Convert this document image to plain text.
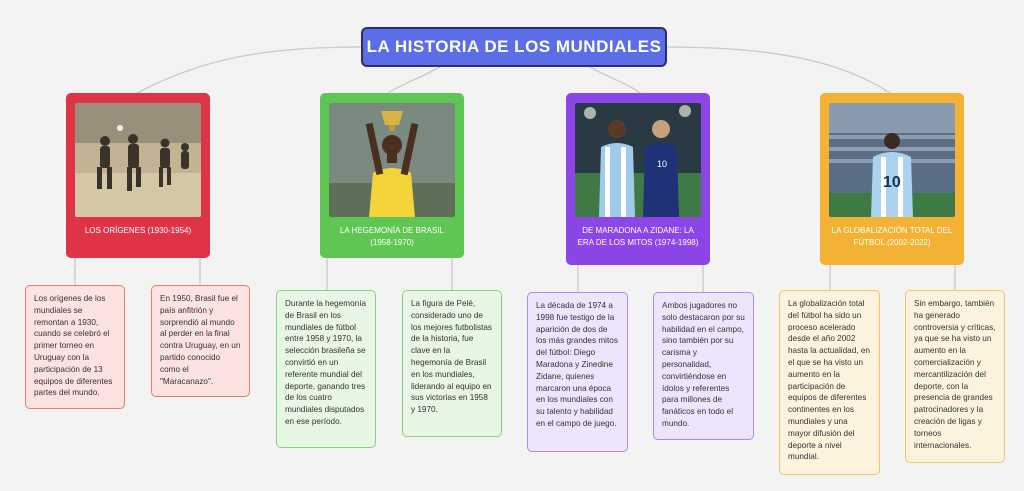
LA HISTORIA DE LOS MUNDIALES
LOS ORÍGENES (1930-1954)	LA HEGEMONÍA DE BRASIL (1958-1970)
10
DE MARADONA A ZIDANE: LA ERA DE LOS MITOS (1974-1998)
10
LA GLOBALIZACIÓN TOTAL DEL FÚTBOL (2002-2022)
Los orígenes de los mundiales se remontan a 1930, cuando se celebró el primer torneo en Uruguay con la participación de 13 equipos de diferentes partes del mundo.
En 1950, Brasil fue el país anfitrión y sorprendió al mundo al perder en la final contra Uruguay, en un partido conocido como el "Maracanazo".
Durante la hegemonía de Brasil en los mundiales de fútbol entre 1958 y 1970, la selección brasileña se convirtió en un referente mundial del deporte, ganando tres de los cuatro mundiales disputados en ese período.
La figura de Pelé, considerado uno de los mejores futbolistas de la historia, fue clave en la hegemonía de Brasil en los mundiales, liderando al equipo en sus victorias en 1958 y 1970.
La década de 1974 a 1998 fue testigo de la aparición de dos de los más grandes mitos del fútbol: Diego Maradona y Zinedine Zidane, quienes marcaron una época en los mundiales con su talento y habilidad en el campo de juego.
Ambos jugadores no solo destacaron por su habilidad en el campo, sino también por su carisma y personalidad, convirtiéndose en ídolos y referentes para millones de fanáticos en todo el mundo.
La globalización total del fútbol ha sido un proceso acelerado desde el año 2002 hasta la actualidad, en el que se ha visto un aumento en la participación de equipos de diferentes continentes en los mundiales y una mayor difusión del deporte a nivel mundial.
Sin embargo, también ha generado controversia y críticas, ya que se ha visto un aumento en la comercialización y mercantilización del deporte, con la presencia de grandes patrocinadores y la creación de ligas y torneos internacionales.
